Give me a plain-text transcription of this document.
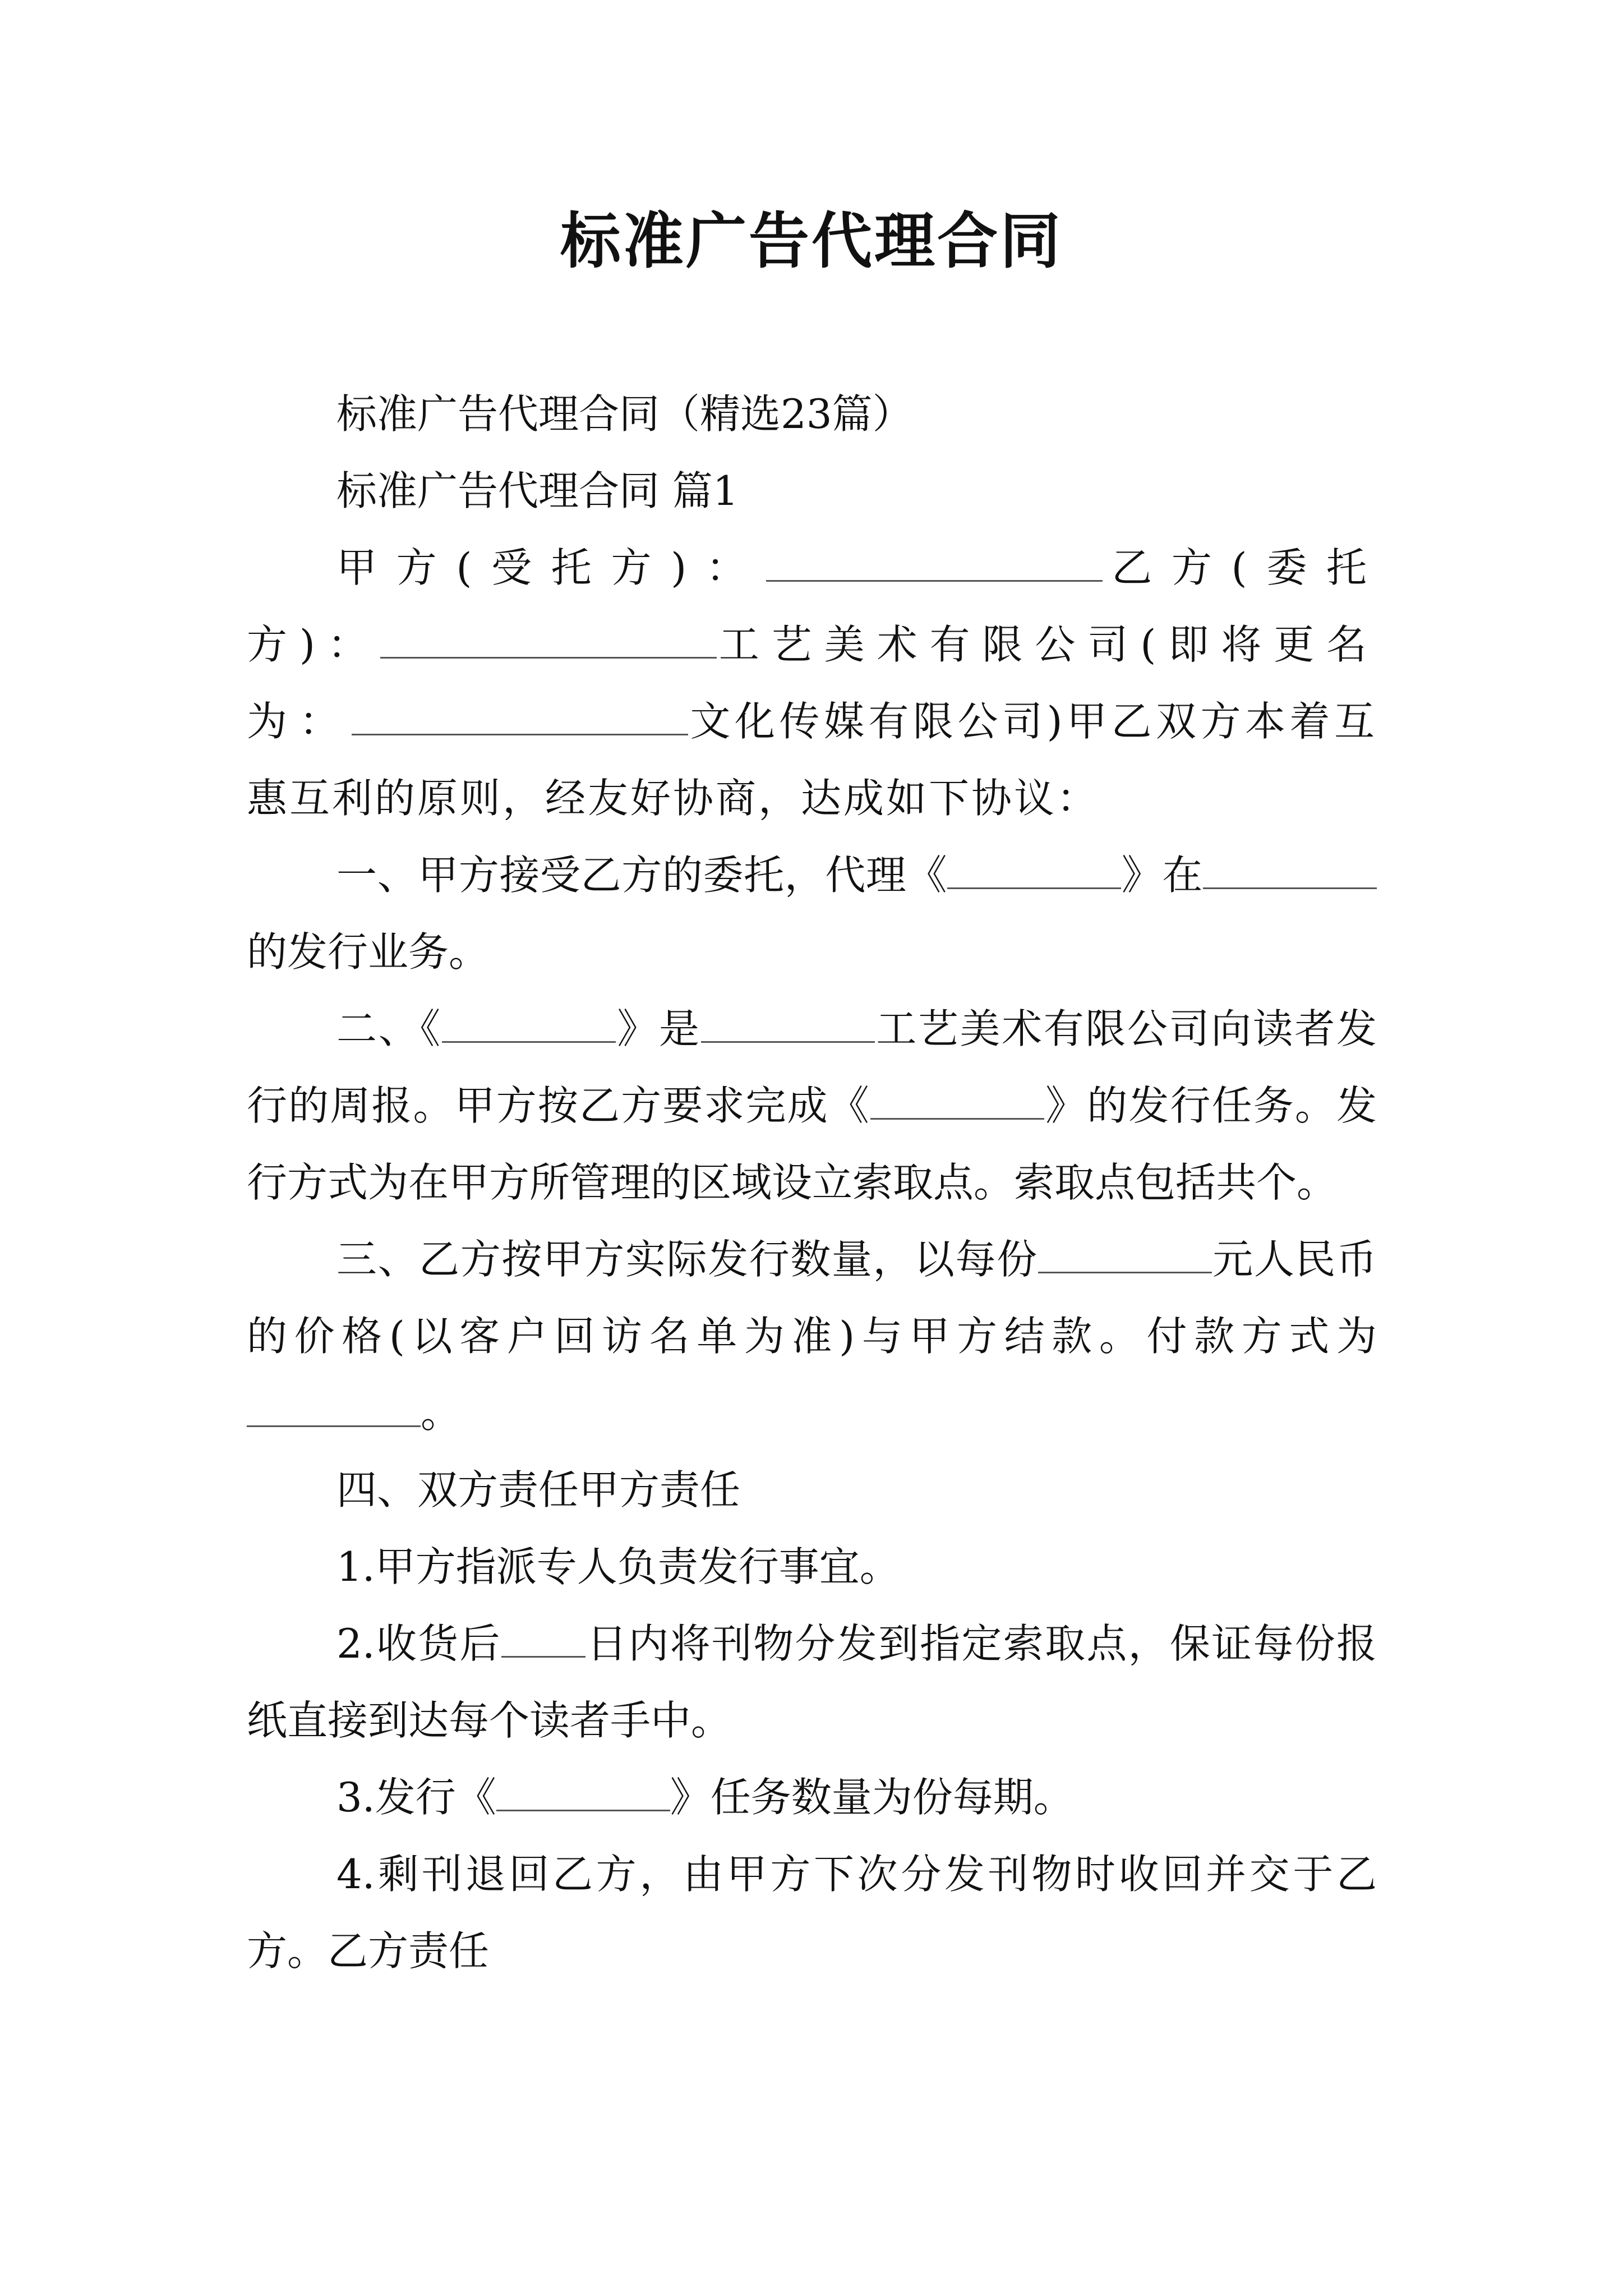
标准广告代理合同

标准广告代理合同（精选23篇）

标准广告代理合同 篇1

甲方(受托方)：	乙方(委托方)：	工艺美术有限公司(即将更名为：	文化传媒有限公司)甲乙双方本着互惠互利的原则，经友好协商，达成如下协议：

一、甲方接受乙方的委托，代理《	》在的发行业务。

二、《	》是	工艺美术有限公司向读者发行的周报。甲方按乙方要求完成《	》的发行任务。发行方式为在甲方所管理的区域设立索取点。索取点包括共个。

三、乙方按甲方实际发行数量，以每份	元人民币的价格(以客户回访名单为准)与甲方结款。付款方式为。

四、双方责任甲方责任

1.甲方指派专人负责发行事宜。

2.收货后 日内将刊物分发到指定索取点，保证每份报纸直接到达每个读者手中。

3.发行《	》任务数量为份每期。

4.剩刊退回乙方，由甲方下次分发刊物时收回并交于乙方。乙方责任
